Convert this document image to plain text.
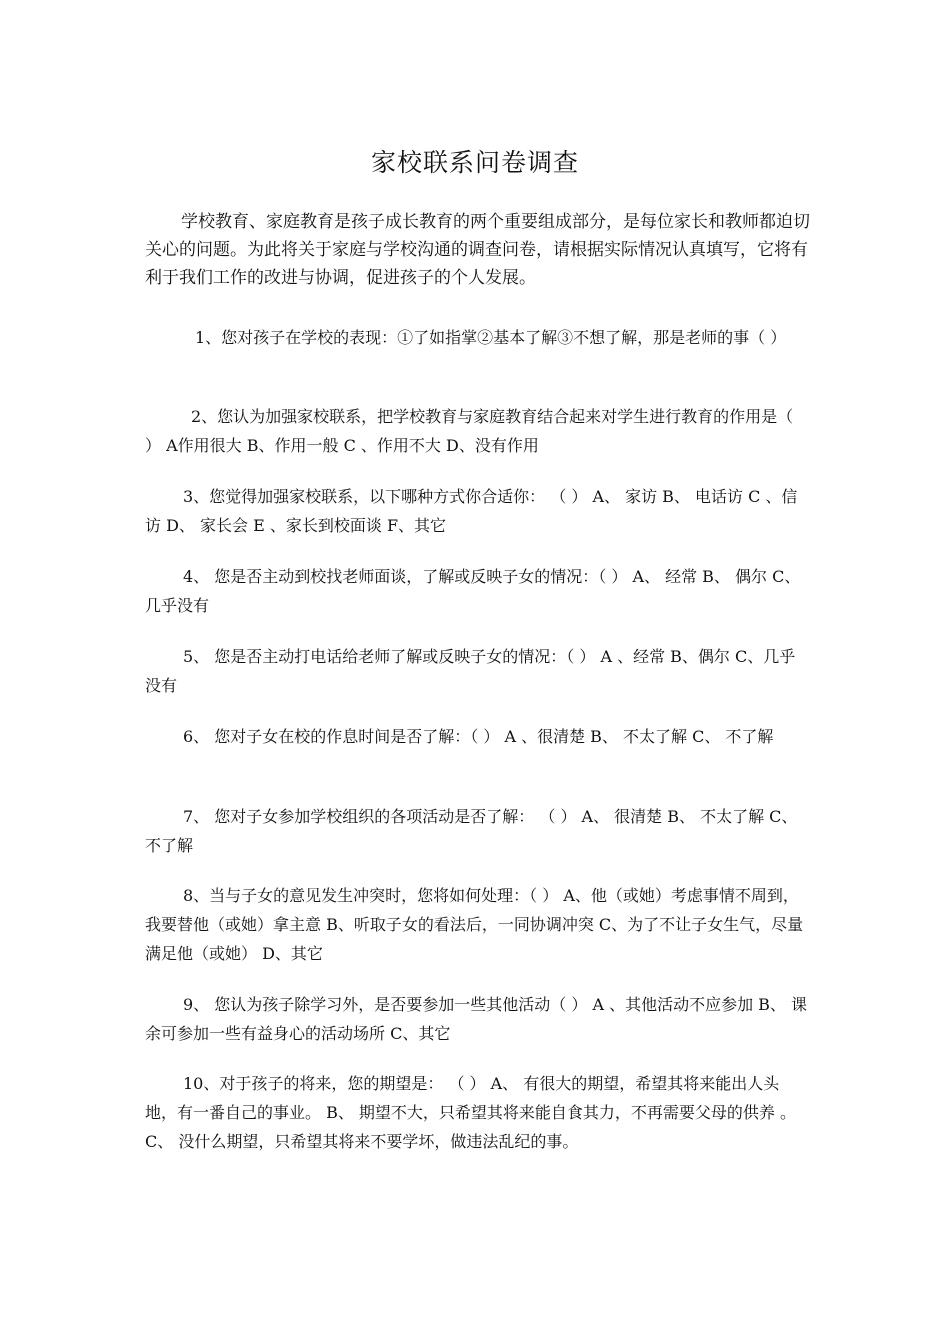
家校联系问卷调查

学校教育、家庭教育是孩子成长教育的两个重要组成部分，是每位家长和教师都迫切关心的问题。为此将关于家庭与学校沟通的调查问卷，请根据实际情况认真填写，它将有利于我们工作的改进与协调，促进孩子的个人发展。

1、您对孩子在学校的表现：①了如指掌②基本了解③不想了解，那是老师的事（ ）

2、您认为加强家校联系，把学校教育与家庭教育结合起来对学生进行教育的作用是（ ） A作用很大 B、作用一般 C 、作用不大 D、没有作用

3、您觉得加强家校联系，以下哪种方式你合适你： （ ） A、 家访 B、 电话访 C 、信访 D、 家长会 E 、家长到校面谈 F、其它

4、 您是否主动到校找老师面谈，了解或反映子女的情况：（ ） A、 经常 B、 偶尔 C、几乎没有

5、 您是否主动打电话给老师了解或反映子女的情况：（ ） A 、经常 B、偶尔 C、几乎没有

6、 您对子女在校的作息时间是否了解：（ ） A 、很清楚 B、 不太了解 C、 不了解

7、 您对子女参加学校组织的各项活动是否了解： （ ） A、 很清楚 B、 不太了解 C、 不了解

8、当与子女的意见发生冲突时，您将如何处理：（ ） A、他（或她）考虑事情不周到，我要替他（或她）拿主意 B、听取子女的看法后，一同协调冲突 C、为了不让子女生气，尽量满足他（或她） D、其它

9、 您认为孩子除学习外，是否要参加一些其他活动（ ） A 、其他活动不应参加 B、 课余可参加一些有益身心的活动场所 C、其它

10、对于孩子的将来，您的期望是： （ ） A、 有很大的期望，希望其将来能出人头地，有一番自己的事业。 B、 期望不大，只希望其将来能自食其力，不再需要父母的供养 。 C、 没什么期望，只希望其将来不要学坏，做违法乱纪的事。
